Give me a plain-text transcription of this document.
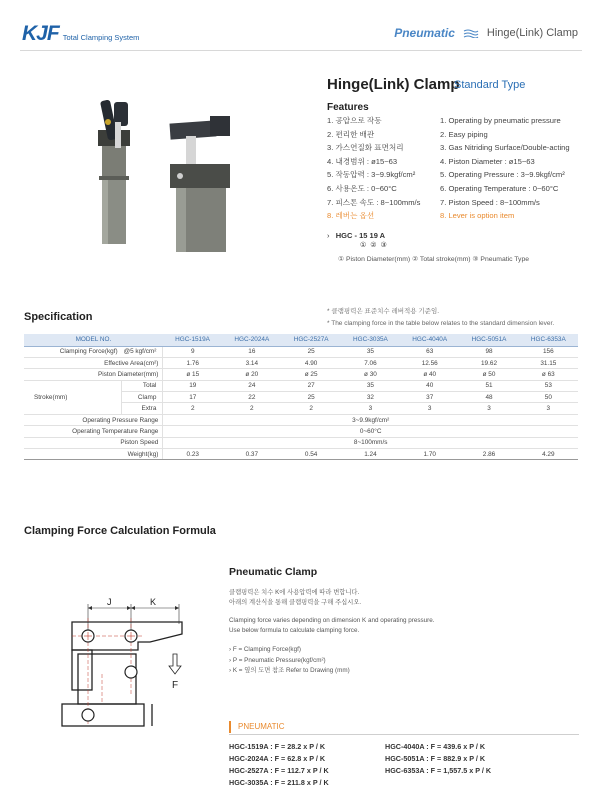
KJF Total Clamping System	Pneumatic	Hinge(Link) Clamp
Hinge(Link) Clamp
Standard Type
Features
1. 공압으로 작동
2. 편리한 배관
3. 가스연질화 표면처리
4. 내경범위 : ø15~63
5. 작동압력 : 3~9.9kgf/cm²
6. 사용온도 : 0~60°C
7. 피스톤 속도 : 8~100mm/s
8. 레버는 옵션
1. Operating by pneumatic pressure
2. Easy piping
3. Gas Nitriding Surface/Double-acting
4. Piston Diameter : ø15~63
5. Operating Pressure : 3~9.9kgf/cm²
6. Operating Temperature : 0~60°C
7. Piston Speed : 8~100mm/s
8. Lever is option item
›   HGC - 15 19 A
① ② ③
① Piston Diameter(mm) ② Total stroke(mm) ③ Pneumatic Type
Specification	* 클램핑력은 표준치수 레버적용 기준임.
* The clamping force in the table below relates to the standard dimension lever.
MODEL NO.		HGC-1519A	HGC-2024A	HGC-2527A	HGC-3035A	HGC-4040A	HGC-5051A	HGC-6353A
Clamping Force(kgf)	@5 kgf/cm²	9	16	25	35	63	98	156
Effective Area(cm²)		1.76	3.14	4.90	7.06	12.56	19.62	31.15
Piston Diameter(mm)		ø 15	ø 20	ø 25	ø 30	ø 40	ø 50	ø 63
Stroke(mm)	Total	19	24	27	35	40	51	53
	Clamp	17	22	25	32	37	48	50
	Extra	2	2	2	3	3	3	3
Operating Pressure Range		3~9.9kgf/cm²						
Operating Temperature Range		0~60°C						
Piston Speed		8~100mm/s						
Weight(kg)		0.23	0.37	0.54	1.24	1.70	2.86	4.29
Clamping Force Calculation Formula
J	K
F
Pneumatic Clamp
클램핑력은 치수 K에 사용압력에 따라 변합니다.
아래의 계산식을 통해 클램핑력을 구해 주십시오.
Clamping force varies depending on dimension K and operating pressure.
Use below formula to calculate clamping force.
› F = Clamping Force(kgf)
› P = Pneumatic Pressure(kgf/cm²)
› K = 옆의 도면 참조 Refer to Drawing (mm)
PNEUMATIC
HGC-1519A : F = 28.2 x P / K
HGC-2024A : F = 62.8 x P / K
HGC-2527A : F = 112.7 x P / K
HGC-3035A : F = 211.8 x P / K
HGC-4040A : F = 439.6 x P / K
HGC-5051A : F = 882.9 x P / K
HGC-6353A : F = 1,557.5 x P / K
